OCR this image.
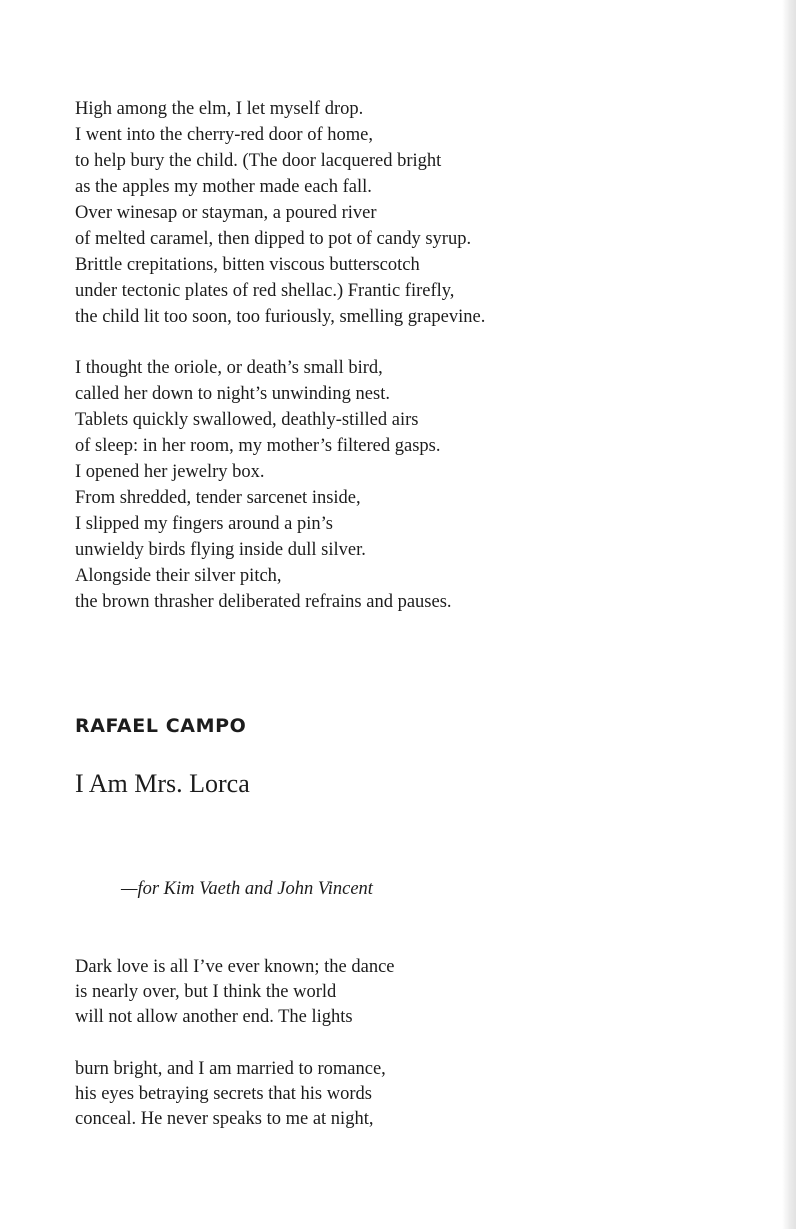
High among the elm, I let myself drop.
I went into the cherry-red door of home,
to help bury the child. (The door lacquered bright
as the apples my mother made each fall.
Over winesap or stayman, a poured river
of melted caramel, then dipped to pot of candy syrup.
Brittle crepitations, bitten viscous butterscotch
under tectonic plates of red shellac.) Frantic firefly,
the child lit too soon, too furiously, smelling grapevine.
I thought the oriole, or death’s small bird,
called her down to night’s unwinding nest.
Tablets quickly swallowed, deathly-stilled airs
of sleep: in her room, my mother’s filtered gasps.
I opened her jewelry box.
From shredded, tender sarcenet inside,
I slipped my fingers around a pin’s
unwieldy birds flying inside dull silver.
Alongside their silver pitch,
the brown thrasher deliberated refrains and pauses.
RAFAEL CAMPO
I Am Mrs. Lorca

—for Kim Vaeth and John Vincent

Dark love is all I’ve ever known; the dance
is nearly over, but I think the world
will not allow another end. The lights
burn bright, and I am married to romance,
his eyes betraying secrets that his words
conceal. He never speaks to me at night,
